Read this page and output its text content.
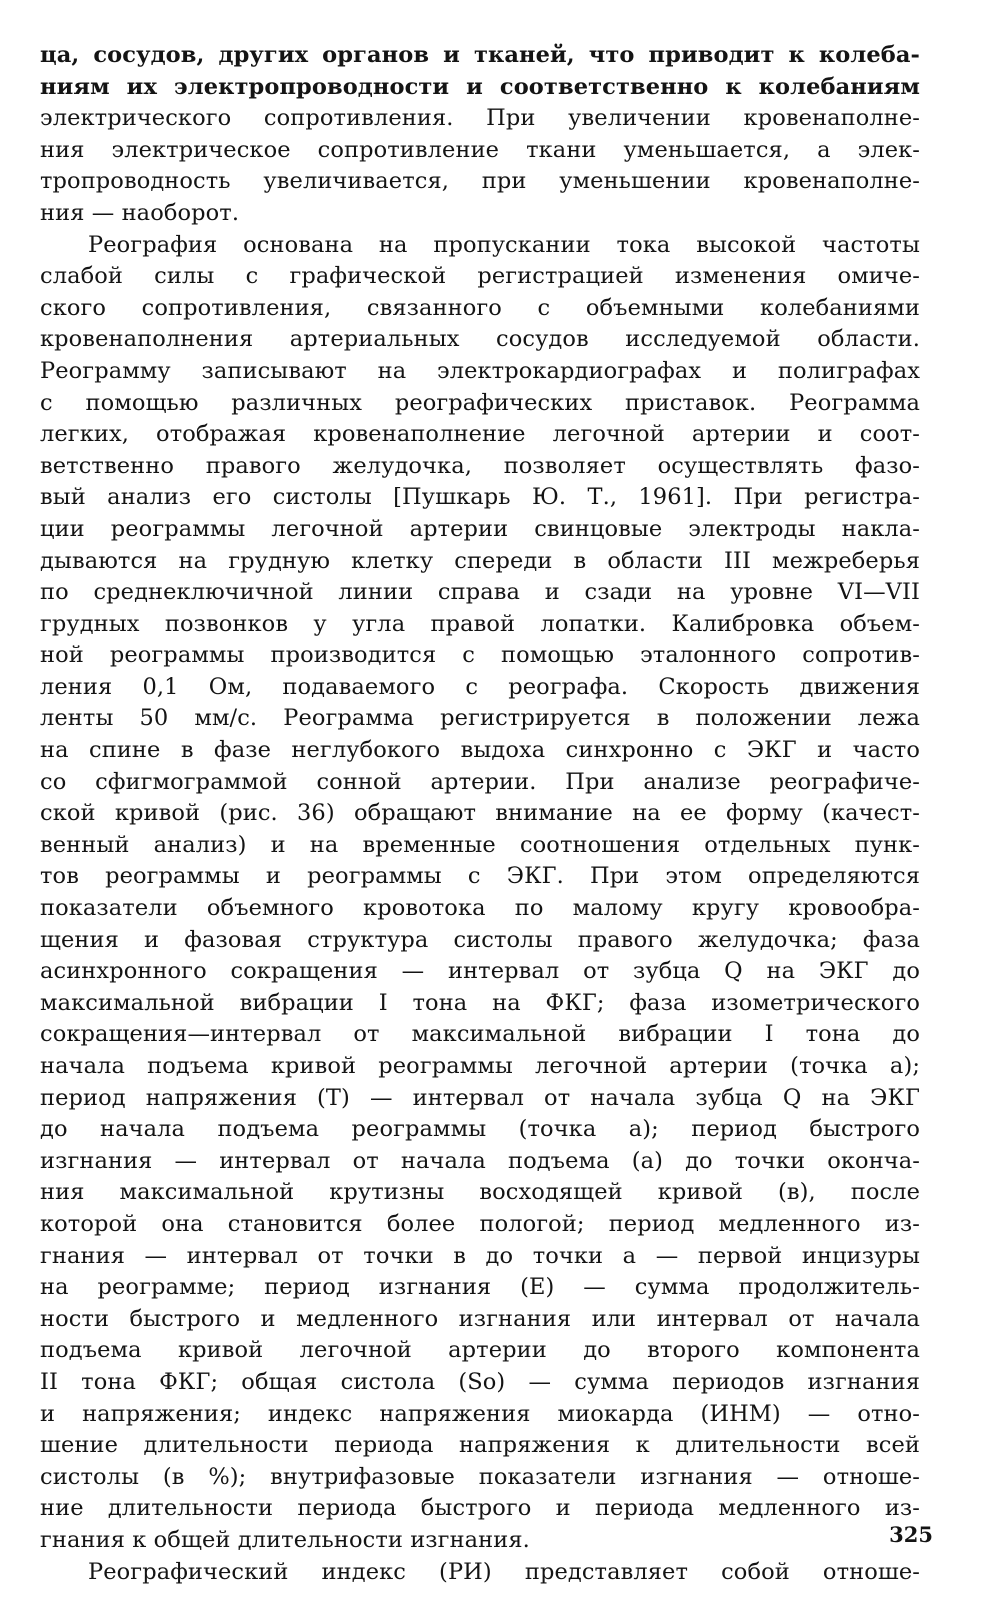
ца, сосудов, других органов и тканей, что приводит к колеба-
ниям их электропроводности и соответственно к колебаниям
электрического сопротивления. При увеличении кровенаполне-
ния электрическое сопротивление ткани уменьшается, а элек-
тропроводность увеличивается, при уменьшении кровенаполне-
ния — наоборот.
Реография основана на пропускании тока высокой частоты
слабой силы с графической регистрацией изменения омиче-
ского сопротивления, связанного с объемными колебаниями
кровенаполнения артериальных сосудов исследуемой области.
Реограмму записывают на электрокардиографах и полиграфах
с помощью различных реографических приставок. Реограмма
легких, отображая кровенаполнение легочной артерии и соот-
ветственно правого желудочка, позволяет осуществлять фазо-
вый анализ его систолы [Пушкарь Ю. Т., 1961]. При регистра-
ции реограммы легочной артерии свинцовые электроды накла-
дываются на грудную клетку спереди в области III межреберья
по среднеключичной линии справа и сзади на уровне VI—VII
грудных позвонков у угла правой лопатки. Калибровка объем-
ной реограммы производится с помощью эталонного сопротив-
ления 0,1 Ом, подаваемого с реографа. Скорость движения
ленты 50 мм/с. Реограмма регистрируется в положении лежа
на спине в фазе неглубокого выдоха синхронно с ЭКГ и часто
со сфигмограммой сонной артерии. При анализе реографиче-
ской кривой (рис. 36) обращают внимание на ее форму (качест-
венный анализ) и на временные соотношения отдельных пунк-
тов реограммы и реограммы с ЭКГ. При этом определяются
показатели объемного кровотока по малому кругу кровообра-
щения и фазовая структура систолы правого желудочка; фаза
асинхронного сокращения — интервал от зубца Q на ЭКГ до
максимальной вибрации I тона на ФКГ; фаза изометрического
сокращения—интервал от максимальной вибрации I тона до
начала подъема кривой реограммы легочной артерии (точка а);
период напряжения (Т) — интервал от начала зубца Q на ЭКГ
до начала подъема реограммы (точка а); период быстрого
изгнания — интервал от начала подъема (а) до точки оконча-
ния максимальной крутизны восходящей кривой (в), после
которой она становится более пологой; период медленного из-
гнания — интервал от точки в до точки а — первой инцизуры
на реограмме; период изгнания (Е) — сумма продолжитель-
ности быстрого и медленного изгнания или интервал от начала
подъема кривой легочной артерии до второго компонента
II тона ФКГ; общая систола (So) — сумма периодов изгнания
и напряжения; индекс напряжения миокарда (ИНМ) — отно-
шение длительности периода напряжения к длительности всей
систолы (в %); внутрифазовые показатели изгнания — отноше-
ние длительности периода быстрого и периода медленного из-
гнания к общей длительности изгнания.
Реографический индекс (РИ) представляет собой отноше-
325
